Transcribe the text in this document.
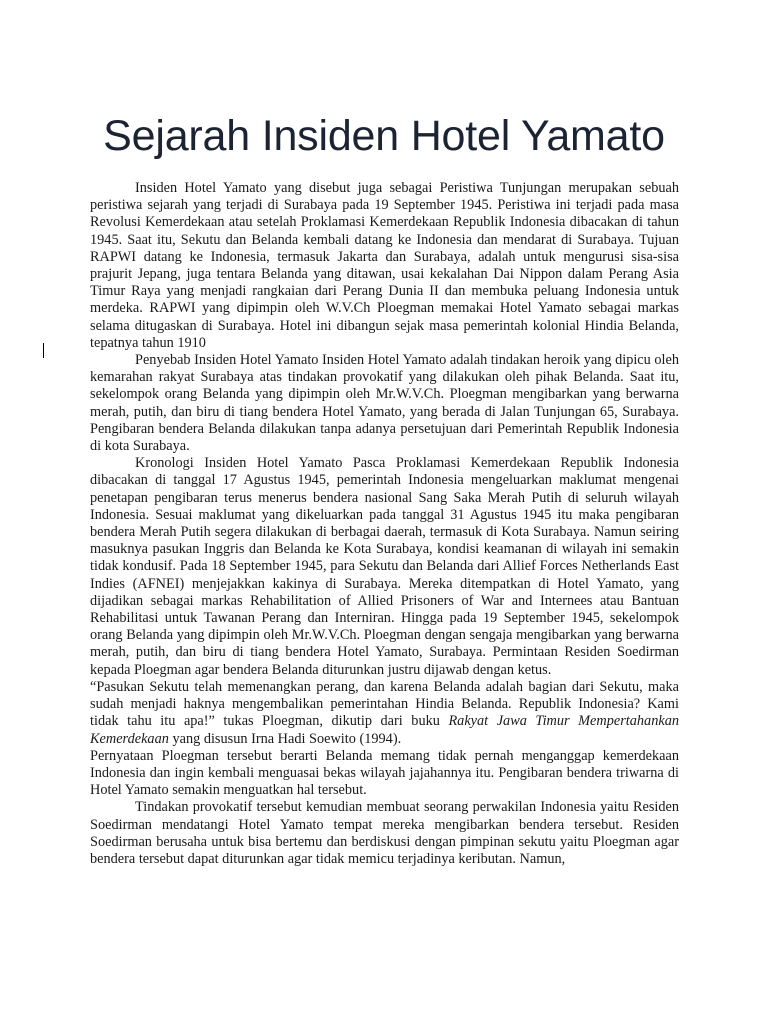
Sejarah Insiden Hotel Yamato

Insiden Hotel Yamato yang disebut juga sebagai Peristiwa Tunjungan merupakan sebuah peristiwa sejarah yang terjadi di Surabaya pada 19 September 1945. Peristiwa ini terjadi pada masa Revolusi Kemerdekaan atau setelah Proklamasi Kemerdekaan Republik Indonesia dibacakan di tahun 1945. Saat itu, Sekutu dan Belanda kembali datang ke Indonesia dan mendarat di Surabaya. Tujuan RAPWI datang ke Indonesia, termasuk Jakarta dan Surabaya, adalah untuk mengurusi sisa-sisa prajurit Jepang, juga tentara Belanda yang ditawan, usai kekalahan Dai Nippon dalam Perang Asia Timur Raya yang menjadi rangkaian dari Perang Dunia II dan membuka peluang Indonesia untuk merdeka. RAPWI yang dipimpin oleh W.V.Ch Ploegman memakai Hotel Yamato sebagai markas selama ditugaskan di Surabaya. Hotel ini dibangun sejak masa pemerintah kolonial Hindia Belanda, tepatnya tahun 1910

Penyebab Insiden Hotel Yamato Insiden Hotel Yamato adalah tindakan heroik yang dipicu oleh kemarahan rakyat Surabaya atas tindakan provokatif yang dilakukan oleh pihak Belanda. Saat itu, sekelompok orang Belanda yang dipimpin oleh Mr.W.V.Ch. Ploegman mengibarkan yang berwarna merah, putih, dan biru di tiang bendera Hotel Yamato, yang berada di Jalan Tunjungan 65, Surabaya. Pengibaran bendera Belanda dilakukan tanpa adanya persetujuan dari Pemerintah Republik Indonesia di kota Surabaya.

Kronologi Insiden Hotel Yamato Pasca Proklamasi Kemerdekaan Republik Indonesia dibacakan di tanggal 17 Agustus 1945, pemerintah Indonesia mengeluarkan maklumat mengenai penetapan pengibaran terus menerus bendera nasional Sang Saka Merah Putih di seluruh wilayah Indonesia. Sesuai maklumat yang dikeluarkan pada tanggal 31 Agustus 1945 itu maka pengibaran bendera Merah Putih segera dilakukan di berbagai daerah, termasuk di Kota Surabaya. Namun seiring masuknya pasukan Inggris dan Belanda ke Kota Surabaya, kondisi keamanan di wilayah ini semakin tidak kondusif. Pada 18 September 1945, para Sekutu dan Belanda dari Allief Forces Netherlands East Indies (AFNEI) menjejakkan kakinya di Surabaya. Mereka ditempatkan di Hotel Yamato, yang dijadikan sebagai markas Rehabilitation of Allied Prisoners of War and Internees atau Bantuan Rehabilitasi untuk Tawanan Perang dan Interniran. Hingga pada 19 September 1945, sekelompok orang Belanda yang dipimpin oleh Mr.W.V.Ch. Ploegman dengan sengaja mengibarkan yang berwarna merah, putih, dan biru di tiang bendera Hotel Yamato, Surabaya. Permintaan Residen Soedirman kepada Ploegman agar bendera Belanda diturunkan justru dijawab dengan ketus.

“Pasukan Sekutu telah memenangkan perang, dan karena Belanda adalah bagian dari Sekutu, maka sudah menjadi haknya mengembalikan pemerintahan Hindia Belanda. Republik Indonesia? Kami tidak tahu itu apa!” tukas Ploegman, dikutip dari buku Rakyat Jawa Timur Mempertahankan Kemerdekaan yang disusun Irna Hadi Soewito (1994).

Pernyataan Ploegman tersebut berarti Belanda memang tidak pernah menganggap kemerdekaan Indonesia dan ingin kembali menguasai bekas wilayah jajahannya itu. Pengibaran bendera triwarna di Hotel Yamato semakin menguatkan hal tersebut.

Tindakan provokatif tersebut kemudian membuat seorang perwakilan Indonesia yaitu Residen Soedirman mendatangi Hotel Yamato tempat mereka mengibarkan bendera tersebut. Residen Soedirman berusaha untuk bisa bertemu dan berdiskusi dengan pimpinan sekutu yaitu Ploegman agar bendera tersebut dapat diturunkan agar tidak memicu terjadinya keributan. Namun,
